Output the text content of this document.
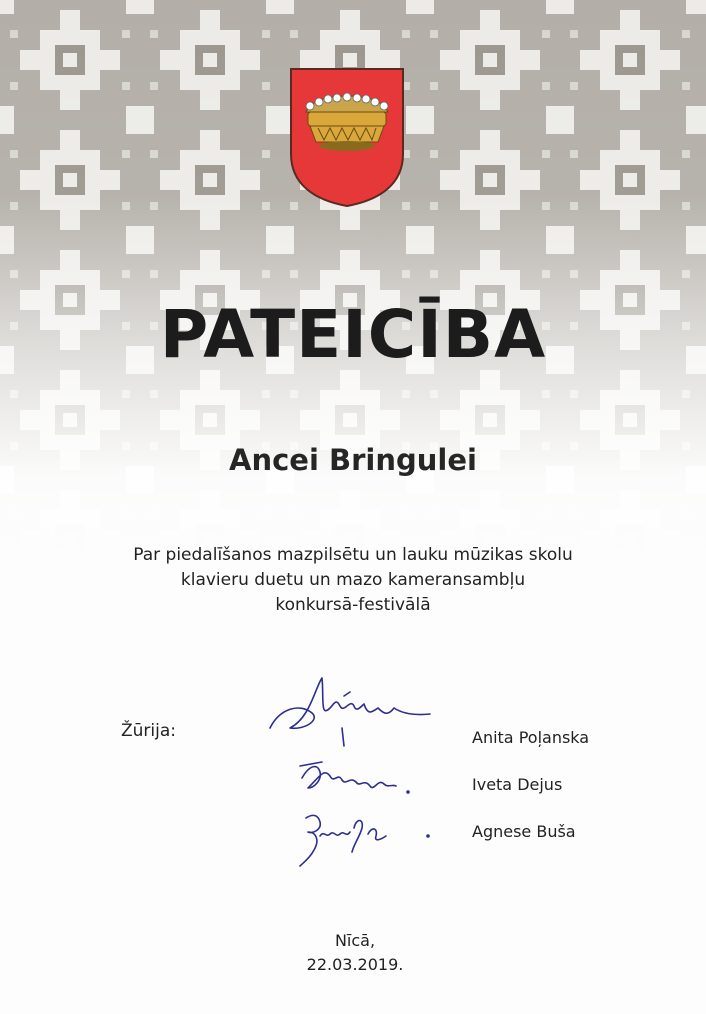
PATEICĪBA
Ancei Bringulei
Par piedalīšanos mazpilsētu un lauku mūzikas skolu
klavieru duetu un mazo kameransambļu
konkursā-festivālā
Žūrija:	Anita Poļanska
Iveta Dejus
Agnese Buša
Nīcā,
22.03.2019.
